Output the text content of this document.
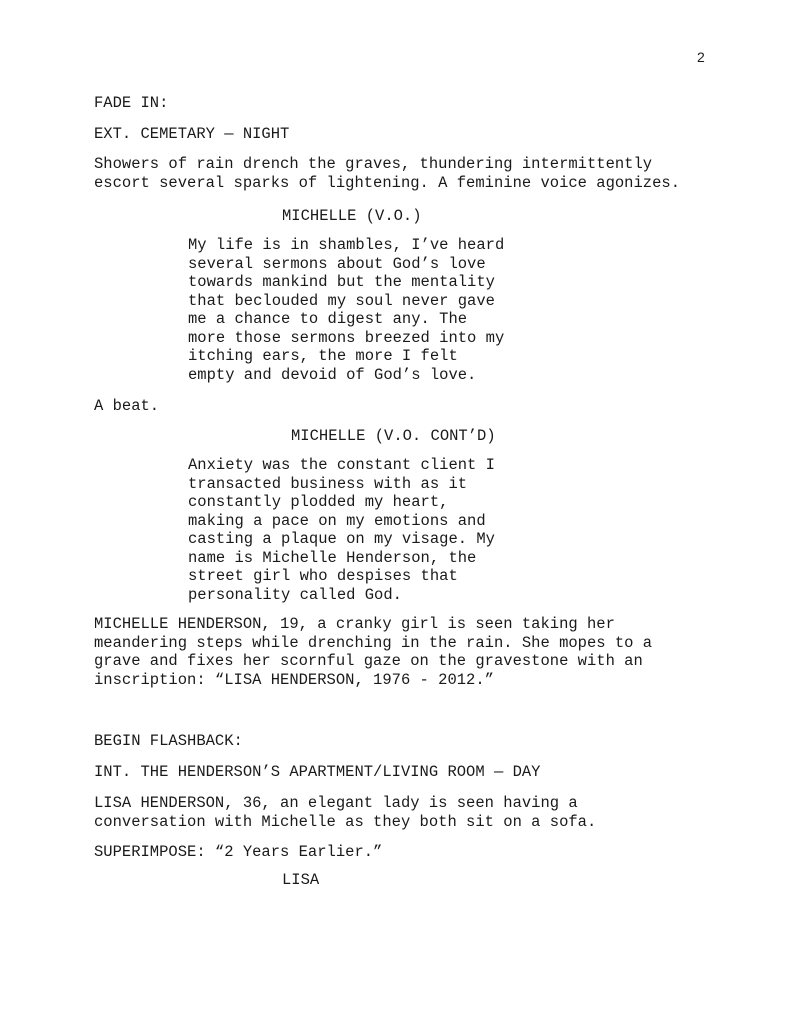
2
FADE IN:
EXT. CEMETARY — NIGHT
Showers of rain drench the graves, thundering intermittently
escort several sparks of lightening. A feminine voice agonizes.
MICHELLE (V.O.)
My life is in shambles, I’ve heard
several sermons about God’s love
towards mankind but the mentality
that beclouded my soul never gave
me a chance to digest any. The
more those sermons breezed into my
itching ears, the more I felt
empty and devoid of God’s love.
A beat.
MICHELLE (V.O. CONT’D)
Anxiety was the constant client I
transacted business with as it
constantly plodded my heart,
making a pace on my emotions and
casting a plaque on my visage. My
name is Michelle Henderson, the
street girl who despises that
personality called God.
MICHELLE HENDERSON, 19, a cranky girl is seen taking her
meandering steps while drenching in the rain. She mopes to a
grave and fixes her scornful gaze on the gravestone with an
inscription: “LISA HENDERSON, 1976 - 2012.”
BEGIN FLASHBACK:
INT. THE HENDERSON’S APARTMENT/LIVING ROOM — DAY
LISA HENDERSON, 36, an elegant lady is seen having a
conversation with Michelle as they both sit on a sofa.
SUPERIMPOSE: “2 Years Earlier.”
LISA
